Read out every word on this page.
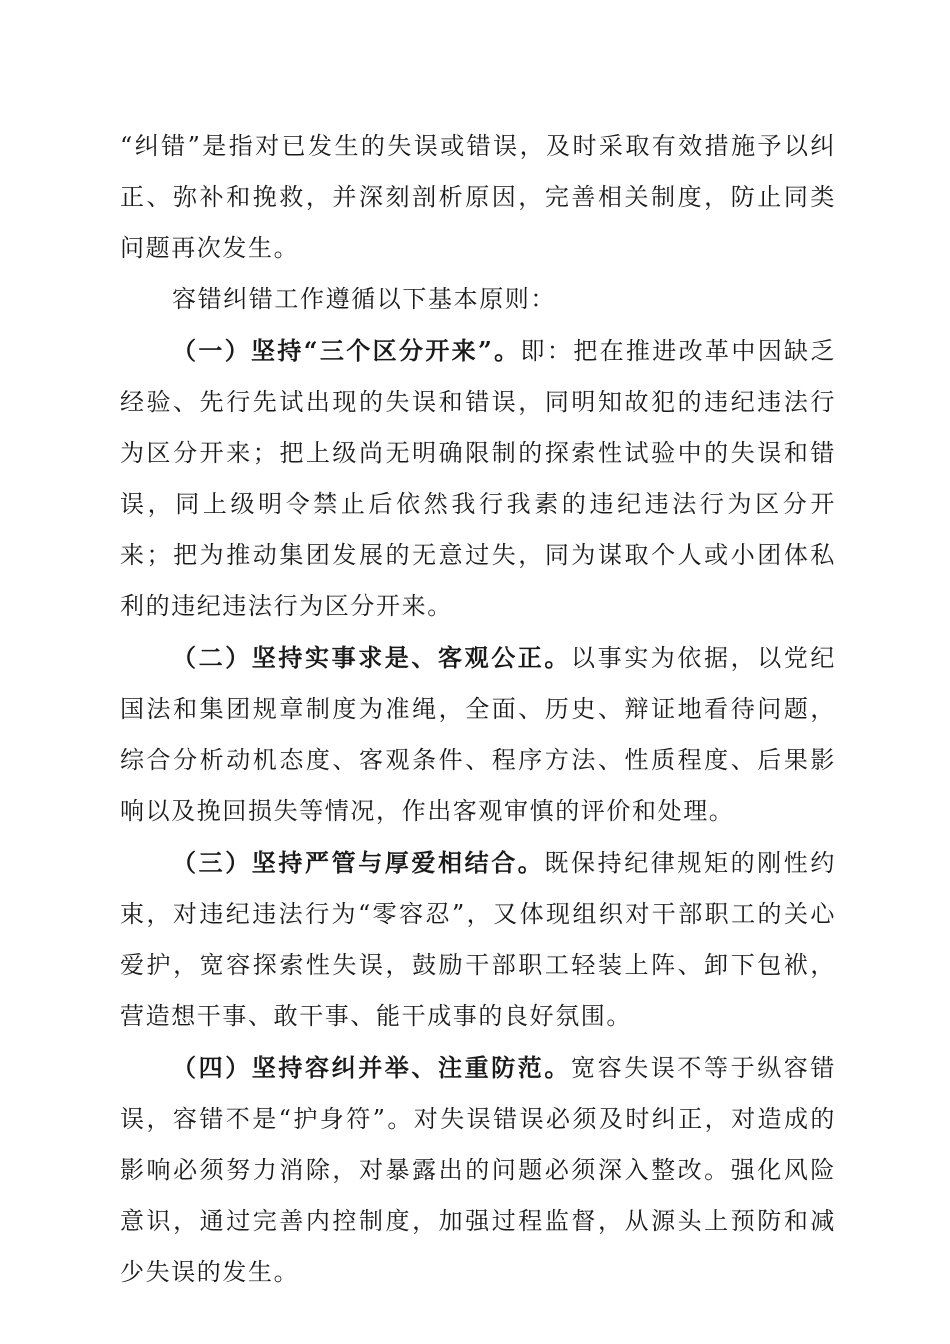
“纠错”是指对已发生的失误或错误，及时采取有效措施予以纠正、弥补和挽救，并深刻剖析原因，完善相关制度，防止同类问题再次发生。

容错纠错工作遵循以下基本原则：

（一）坚持“三个区分开来”。即：把在推进改革中因缺乏经验、先行先试出现的失误和错误，同明知故犯的违纪违法行为区分开来；把上级尚无明确限制的探索性试验中的失误和错误，同上级明令禁止后依然我行我素的违纪违法行为区分开来；把为推动集团发展的无意过失，同为谋取个人或小团体私利的违纪违法行为区分开来。

（二）坚持实事求是、客观公正。以事实为依据，以党纪国法和集团规章制度为准绳，全面、历史、辩证地看待问题，综合分析动机态度、客观条件、程序方法、性质程度、后果影响以及挽回损失等情况，作出客观审慎的评价和处理。

（三）坚持严管与厚爱相结合。既保持纪律规矩的刚性约束，对违纪违法行为“零容忍”，又体现组织对干部职工的关心爱护，宽容探索性失误，鼓励干部职工轻装上阵、卸下包袱，营造想干事、敢干事、能干成事的良好氛围。

（四）坚持容纠并举、注重防范。宽容失误不等于纵容错误，容错不是“护身符”。对失误错误必须及时纠正，对造成的影响必须努力消除，对暴露出的问题必须深入整改。强化风险意识，通过完善内控制度，加强过程监督，从源头上预防和减少失误的发生。
